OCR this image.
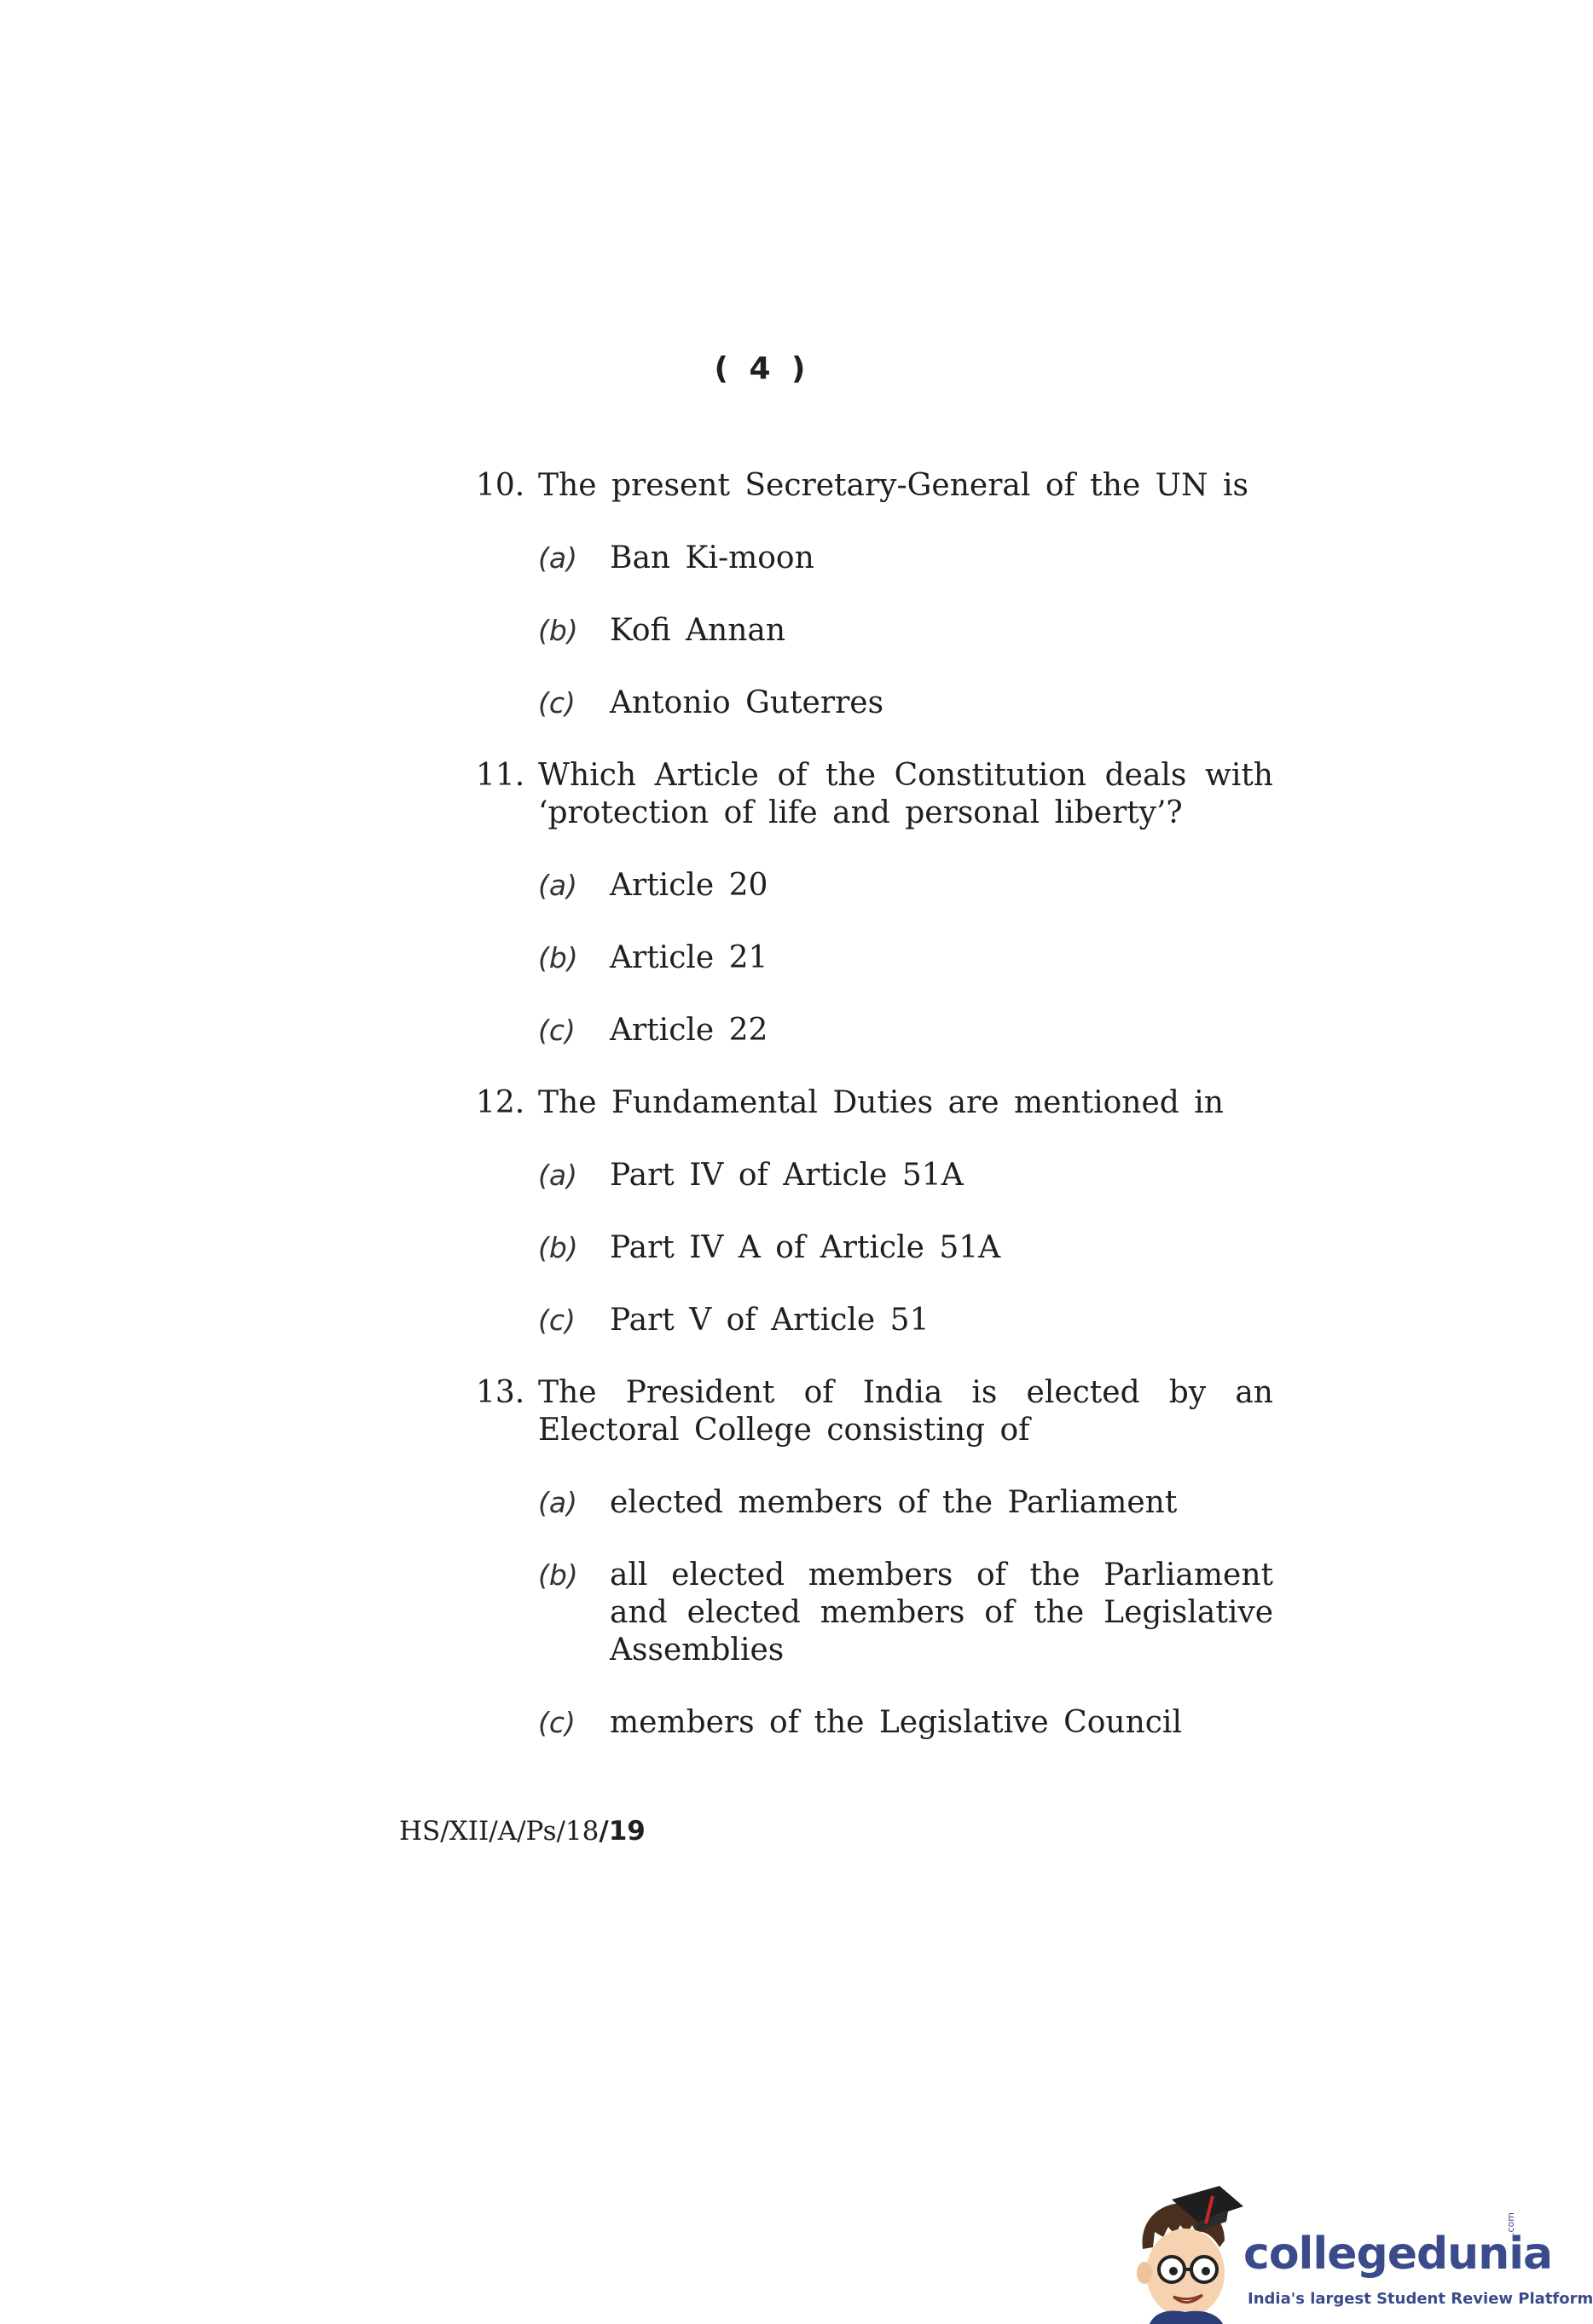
( 4 )
10. The present Secretary-General of the UN is
(a)	Ban Ki-moon
(b)	Kofi Annan
(c)	Antonio Guterres
11. Which Article of the Constitution deals with ‘protection of life and personal liberty’?
(a)	Article 20
(b)	Article 21
(c)	Article 22
12. The Fundamental Duties are mentioned in
(a)	Part IV of Article 51A
(b)	Part IV A of Article 51A
(c)	Part V of Article 51
13. The President of India is elected by an Electoral College consisting of
(a)	elected members of the Parliament
(b)	all elected members of the Parliament and elected members of the Legislative Assemblies
(c)	members of the Legislative Council
HS/XII/A/Ps/18/19
collegedunia
.com
India's largest Student Review Platform
